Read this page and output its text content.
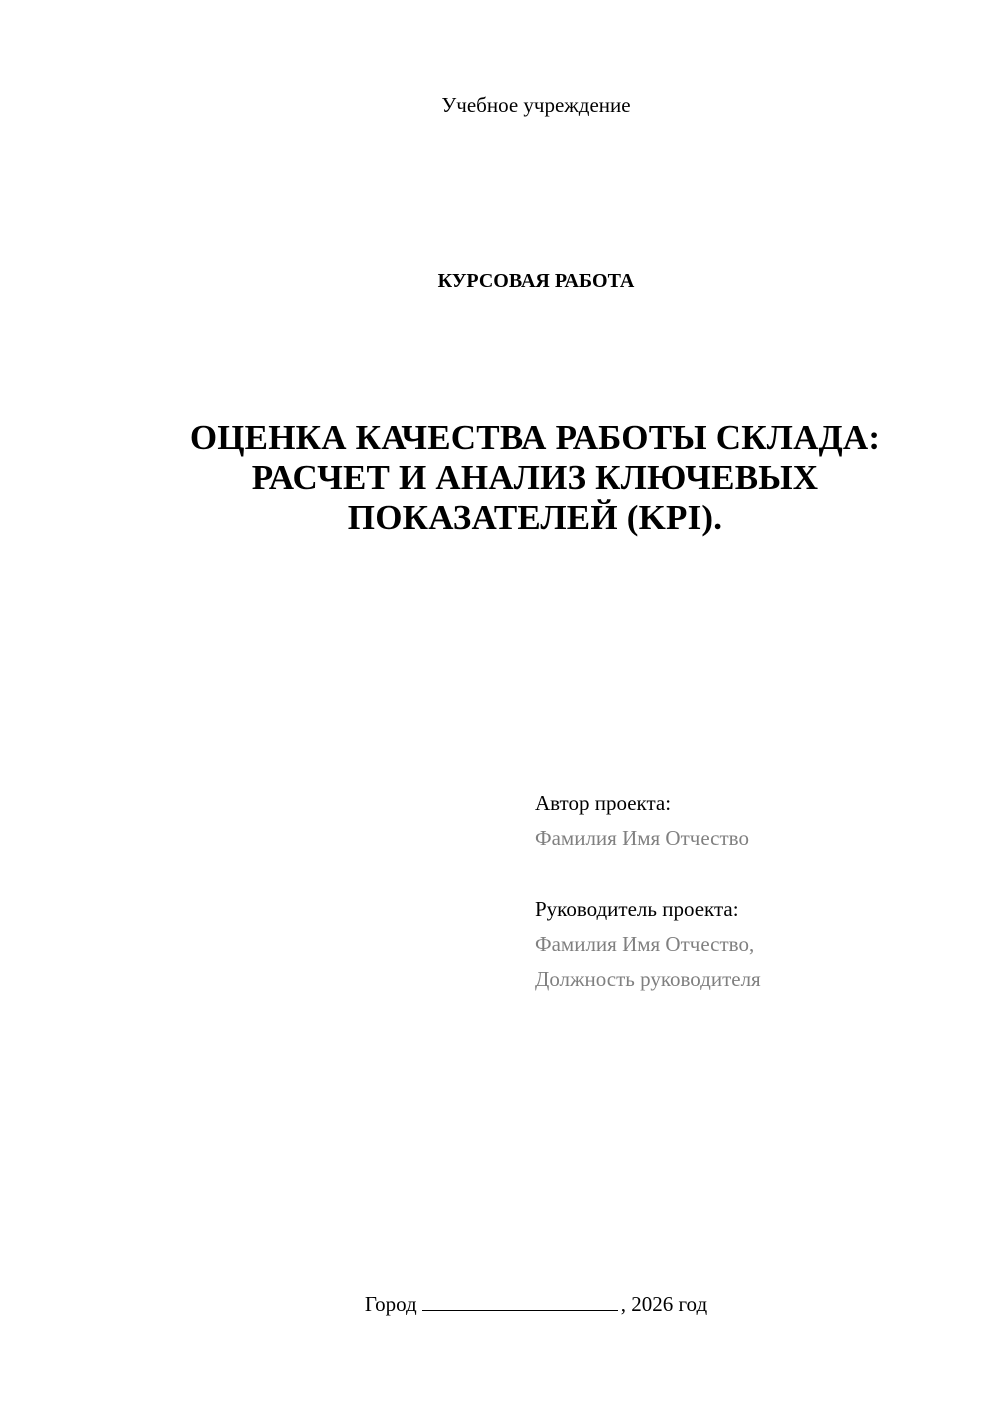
Учебное учреждение
КУРСОВАЯ РАБОТА
ОЦЕНКА КАЧЕСТВА РАБОТЫ СКЛАДА:
РАСЧЕТ И АНАЛИЗ КЛЮЧЕВЫХ
ПОКАЗАТЕЛЕЙ (KPI).
Автор проекта:
Фамилия Имя Отчество
Руководитель проекта:
Фамилия Имя Отчество,
Должность руководителя
Город	, 2026 год
